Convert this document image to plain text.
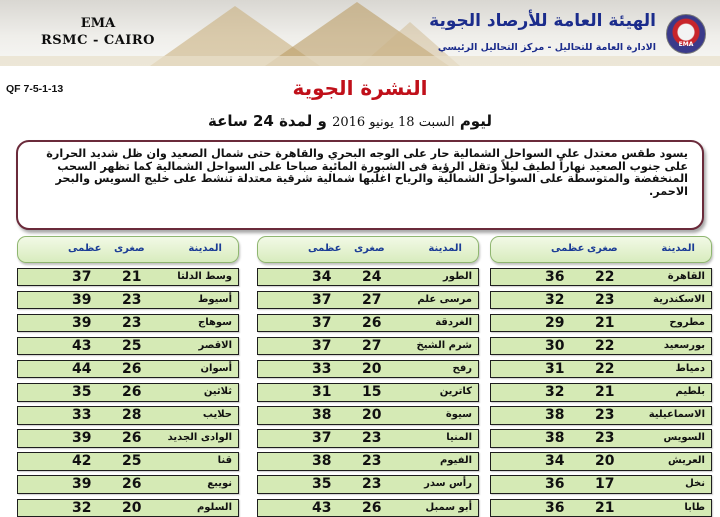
EMA
RSMC - CAIRO
الهيئة العامة للأرصاد الجوية
الادارة العامة للتحاليل - مركز التحاليل الرئيسي	EMA
QF 7-5-1-13	النشرة الجوية
ليوم السبت 18 يونيو 2016 و لمدة 24 ساعة
يسود طقس معتدل على السواحل الشمالية حار على الوجه البحري والقاهرة حتى شمال الصعيد وان ظل شديد الحرارة على جنوب الصعيد نهاراً لطيف ليلاً وتقل الرؤية فى الشبورة المائية صباحا على السواحل الشمالية كما تظهر السحب المنخفضة والمتوسطة على السواحل الشمالية والرياح اغلبها شمالية شرقية معتدلة تنشط على خليج السويس والبحر الاحمر.
المدينة
صغرى
عظمى
القاهرة
22
36
الاسكندرية
23
32
مطروح
21
29
بورسعيد
22
30
دمياط
22
31
بلطيم
21
32
الاسماعيلية
23
38
السويس
23
38
العريش
20
34
نخل
17
36
طابا
21
36
المدينة
صغرى
عظمى
الطور
24
34
مرسى علم
27
37
الغردقة
26
37
شرم الشيخ
27
37
رفح
20
33
كاترين
15
31
سيوة
20
38
المنيا
23
37
الفيوم
23
38
رأس سدر
23
35
أبو سمبل
26
43
المدينة
صغرى
عظمى
وسط الدلتا
21
37
أسيوط
23
39
سوهاج
23
39
الاقصر
25
43
أسوان
26
44
ثلاثين
26
35
حلايب
28
33
الوادى الجديد
26
39
قنا
25
42
نويبع
26
39
السلوم
20
32
